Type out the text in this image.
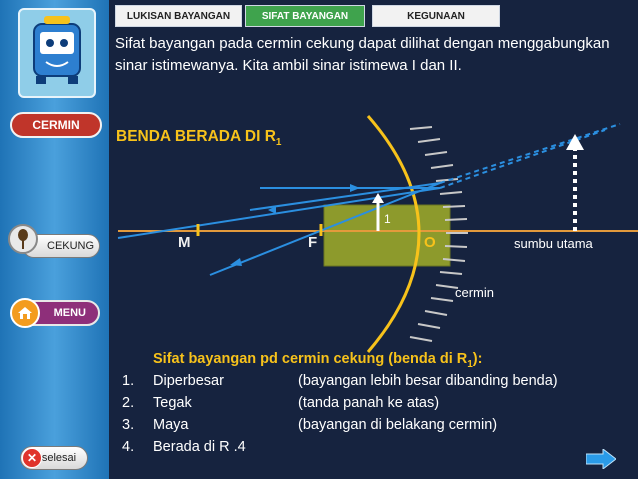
CERMIN
CEKUNG
MENU
selesai
✕
LUKISAN BAYANGAN	SIFAT BAYANGAN	KEGUNAAN
Sifat bayangan pada cermin cekung dapat dilihat dengan menggabungkan sinar istimewanya. Kita ambil sinar istimewa I dan II.
BENDA BERADA DI $R_1$
M	F	O
1
sumbu utama
cermin
Sifat bayangan pd cermin cekung (benda di $R_1$):
1. Diperbesar	(bayangan lebih besar dibanding benda)
2. Tegak	(tanda panah ke atas)
3. Maya	(bayangan di belakang cermin)
4. Berada di R .4
